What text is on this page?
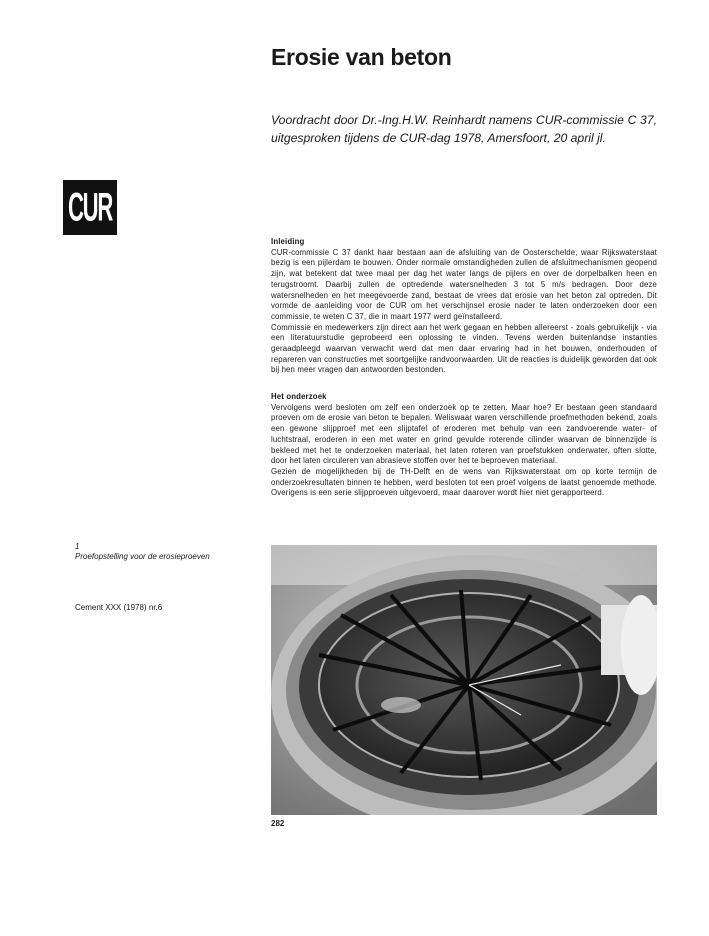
Erosie van beton

Voordracht door Dr.-Ing.H.W. Reinhardt namens CUR-commissie C 37, uitgesproken tijdens de CUR-dag 1978, Amersfoort, 20 april jl.

CUR
Inleiding

CUR-commissie C 37 dankt haar bestaan aan de afsluiting van de Oosterschelde, waar Rijkswaterstaat bezig is een pijlerdam te bouwen. Onder normale omstandigheden zullen de afsluitmechanismen geopend zijn, wat betekent dat twee maal per dag het water langs de pijlers en over de dorpelbalken heen en terugstroomt. Daarbij zullen de optredende watersnelheden 3 tot 5 m/s bedragen. Door deze watersnelheden en het meegevoerde zand, bestaat de vrees dat erosie van het beton zal optreden. Dit vormde de aanleiding voor de CUR om het verschijnsel erosie nader te laten onderzoeken door een commissie, te weten C 37, die in maart 1977 werd geïnstalleerd.

Commissie en medewerkers zijn direct aan het werk gegaan en hebben allereerst - zoals gebruikelijk - via een literatuurstudie geprobeerd een oplossing te vinden. Tevens werden buitenlandse instanties geraadpleegd waarvan verwacht werd dat men daar ervaring had in het bouwen, onderhouden of repareren van constructies met soortgelijke randvoorwaarden. Uit de reacties is duidelijk geworden dat ook bij hen meer vragen dan antwoorden bestonden.

Het onderzoek

Vervolgens werd besloten om zelf een onderzoek op te zetten. Maar hoe? Er bestaan geen standaard proeven om de erosie van beton te bepalen. Weliswaar waren verschillende proefmethoden bekend, zoals een gewone slijpproef met een slijptafel of eroderen met behulp van een zandvoerende water- of luchtstraal, eroderen in een met water en grind gevulde roterende cilinder waarvan de binnenzijde is bekleed met het te onderzoeken materiaal, het laten roteren van proefstukken onderwater, often slotte, door het laten circuleren van abrasieve stoffen over het te beproeven materiaal.

Gezien de mogelijkheden bij de TH-Delft en de wens van Rijkswaterstaat om op korte termijn de onderzoekresultaten binnen te hebben, werd besloten tot een proef volgens de laatst genoemde methode. Overigens is een serie slijpproeven uitgevoerd, maar daarover wordt hier niet gerapporteerd.

1

Proefopstelling voor de erosieproeven

Cement XXX (1978) nr.6

282
